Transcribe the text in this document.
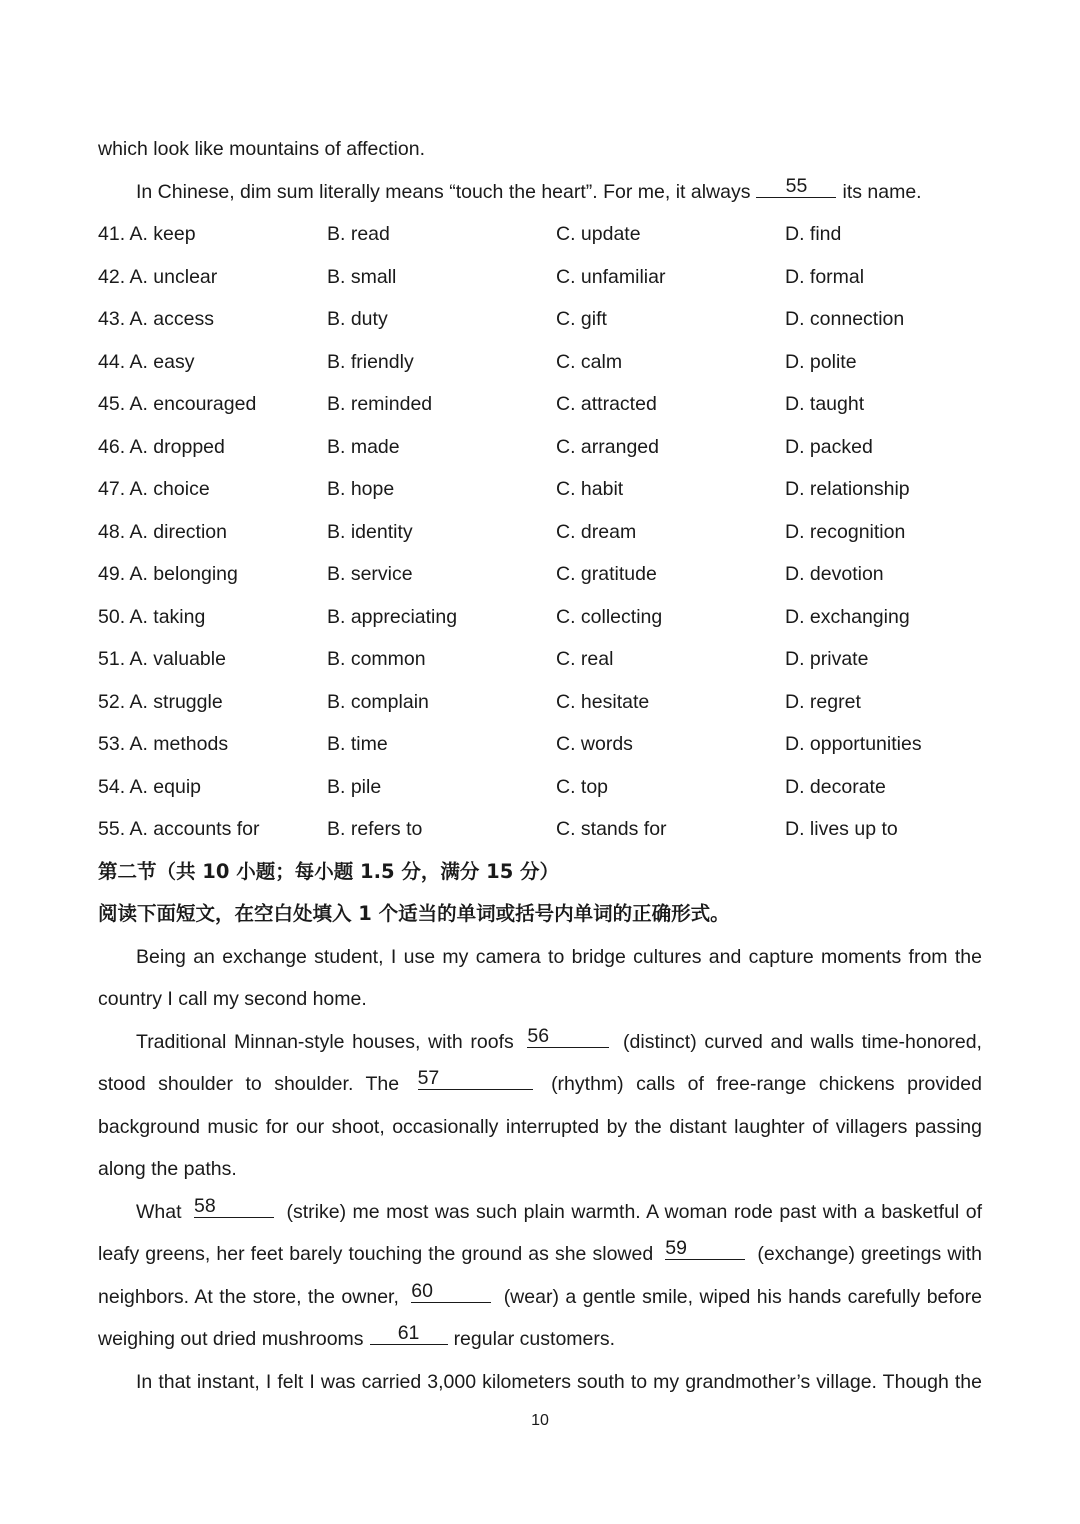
which look like mountains of affection.
In Chinese, dim sum literally means “touch the heart”. For me, it always 55 its name.
41. A. keep	B. read	C. update	D. find
42. A. unclear	B. small	C. unfamiliar	D. formal
43. A. access	B. duty	C. gift	D. connection
44. A. easy	B. friendly	C. calm	D. polite
45. A. encouraged	B. reminded	C. attracted	D. taught
46. A. dropped	B. made	C. arranged	D. packed
47. A. choice	B. hope	C. habit	D. relationship
48. A. direction	B. identity	C. dream	D. recognition
49. A. belonging	B. service	C. gratitude	D. devotion
50. A. taking	B. appreciating	C. collecting	D. exchanging
51. A. valuable	B. common	C. real	D. private
52. A. struggle	B. complain	C. hesitate	D. regret
53. A. methods	B. time	C. words	D. opportunities
54. A. equip	B. pile	C. top	D. decorate
55. A. accounts for	B. refers to	C. stands for	D. lives up to
第二节（共 10 小题；每小题 1.5 分，满分 15 分）
阅读下面短文，在空白处填入 1 个适当的单词或括号内单词的正确形式。
Being an exchange student, I use my camera to bridge cultures and capture moments from the
country I call my second home.
Traditional Minnan-style houses, with roofs 56	(distinct) curved and walls time-honored,
stood shoulder to shoulder. The 57	(rhythm) calls of free-range chickens provided
background music for our shoot, occasionally interrupted by the distant laughter of villagers passing
along the paths.
What 58	(strike) me most was such plain warmth. A woman rode past with a basketful of
leafy greens, her feet barely touching the ground as she slowed 59	(exchange) greetings with
neighbors. At the store, the owner, 60	(wear) a gentle smile, wiped his hands carefully before
weighing out dried mushrooms 61 regular customers.
In that instant, I felt I was carried 3,000 kilometers south to my grandmother’s village. Though the
10
